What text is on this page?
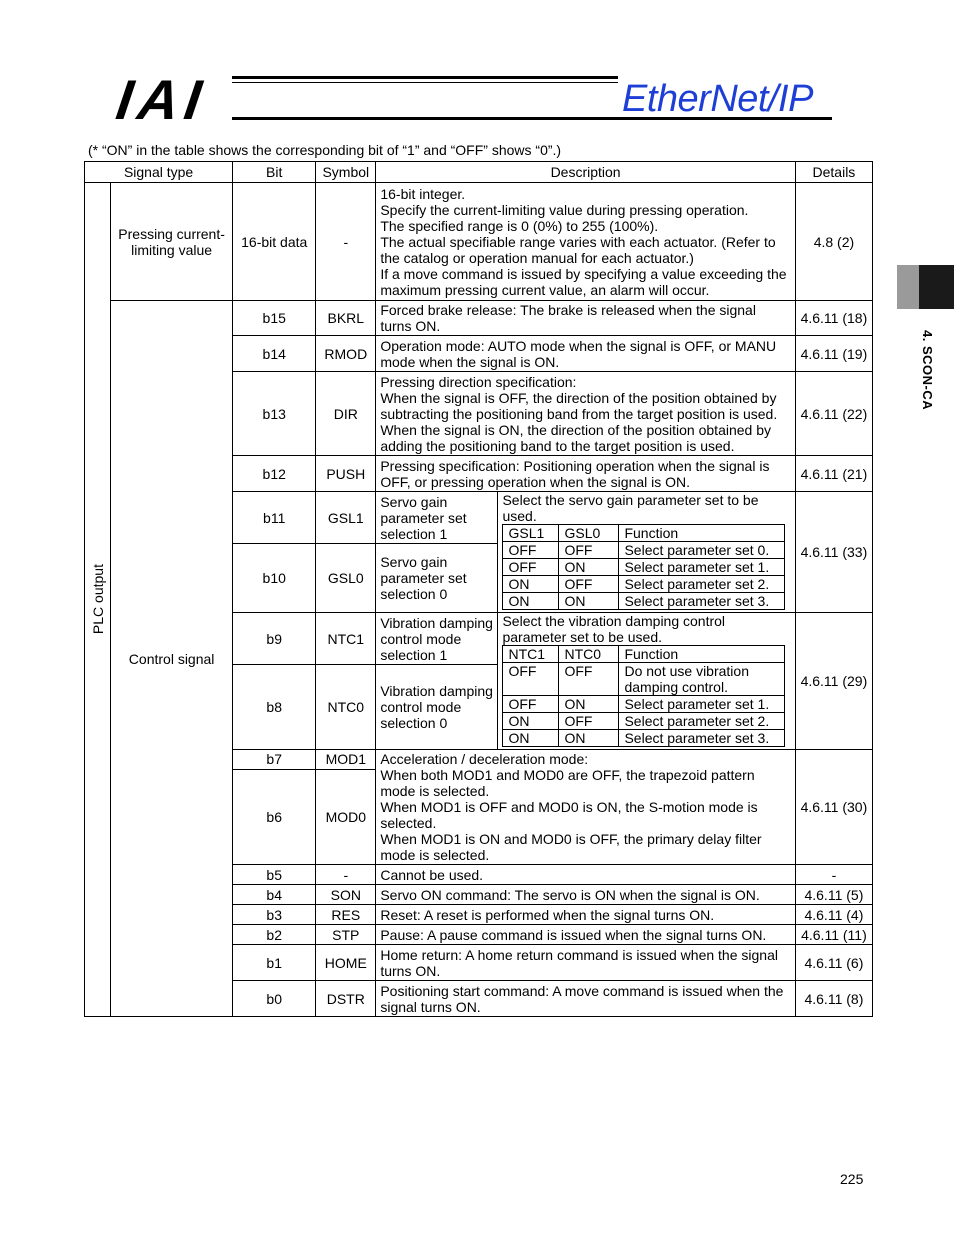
IAI	EtherNet/IP
(* “ON” in the table shows the corresponding bit of “1” and “OFF” shows “0”.)
4. SCON-CA
Signal type	Bit	Symbol	Description	Details

PLC output
	Pressing current-limiting value	16-bit data	-	
16-bit integer.
Specify the current-limiting value during pressing operation.
The specified range is 0 (0%) to 255 (100%).
The actual specifiable range varies with each actuator. (Refer to the catalog or operation manual for each actuator.)
If a move command is issued by specifying a value exceeding the maximum pressing current value, an alarm will occur.
	4.8 (2)
Control signal	b15	BKRL	Forced brake release: The brake is released when the signal turns ON.	4.6.11 (18)
b14	RMOD	Operation mode: AUTO mode when the signal is OFF, or MANU mode when the signal is ON.	4.6.11 (19)
b13	DIR	
Pressing direction specification:
When the signal is OFF, the direction of the position obtained by subtracting the positioning band from the target position is used.
When the signal is ON, the direction of the position obtained by adding the positioning band to the target position is used.
	4.6.11 (22)
b12	PUSH	Pressing specification: Positioning operation when the signal is OFF, or pressing operation when the signal is ON.	4.6.11 (21)
b11	GSL1	Servo gain parameter set selection 1	
Select the servo gain parameter set to be used.
GSL1	GSL0	Function
OFF	OFF	Select parameter set 0.
OFF	ON	Select parameter set 1.
ON	OFF	Select parameter set 2.
ON	ON	Select parameter set 3.
	4.6.11 (33)
b10	GSL0	Servo gain parameter set selection 0
b9	NTC1	Vibration damping control mode selection 1	
Select the vibration damping control parameter set to be used.
NTC1	NTC0	Function
OFF	OFF	Do not use vibration damping control.
OFF	ON	Select parameter set 1.
ON	OFF	Select parameter set 2.
ON	ON	Select parameter set 3.
	4.6.11 (29)
b8	NTC0	Vibration damping control mode selection 0
b7	MOD1	Acceleration / deceleration mode:
When both MOD1 and MOD0 are OFF, the trapezoid pattern mode is selected.
When MOD1 is OFF and MOD0 is ON, the S-motion mode is selected.
When MOD1 is ON and MOD0 is OFF, the primary delay filter mode is selected.
	4.6.11 (30)
b6	MOD0
b5	-	Cannot be used.	-
b4	SON	Servo ON command: The servo is ON when the signal is ON.	4.6.11 (5)
b3	RES	Reset: A reset is performed when the signal turns ON.	4.6.11 (4)
b2	STP	Pause: A pause command is issued when the signal turns ON.	4.6.11 (11)
b1	HOME	Home return: A home return command is issued when the signal turns ON.	4.6.11 (6)
b0	DSTR	Positioning start command: A move command is issued when the signal turns ON.	4.6.11 (8)
225
